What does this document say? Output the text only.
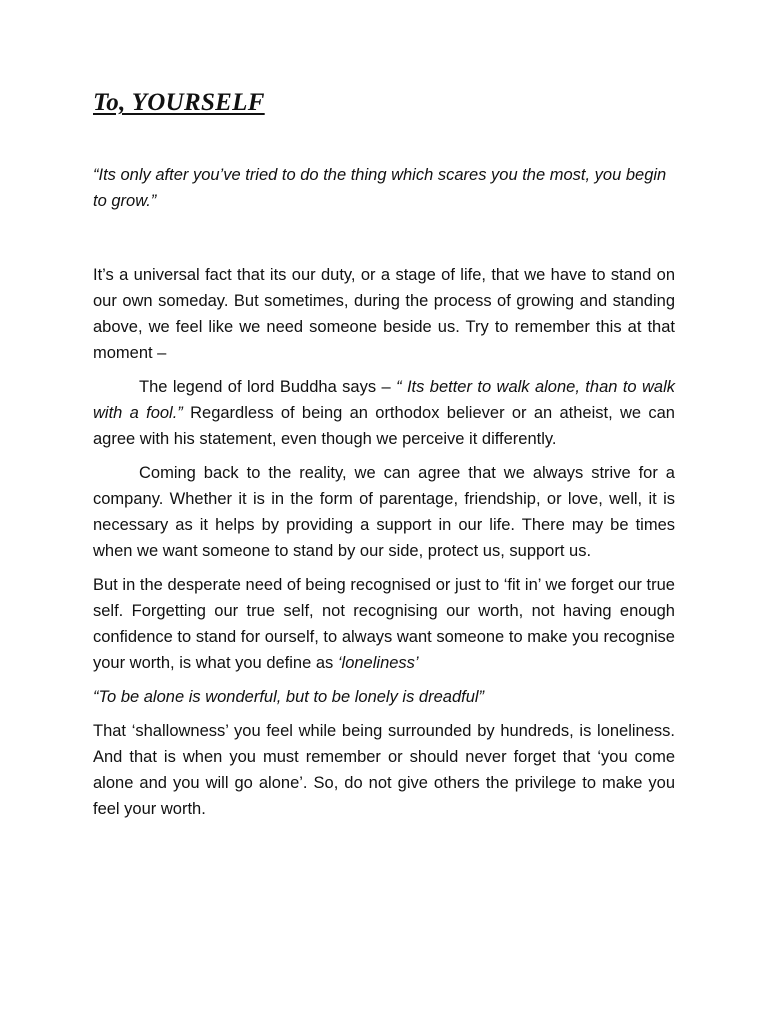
To, YOURSELF
“Its only after you’ve tried to do the thing which scares you the most, you begin to grow.”

It’s a universal fact that its our duty, or a stage of life, that we have to stand on our own someday. But sometimes, during the process of growing and standing above, we feel like we need someone beside us. Try to remember this at that moment –

The legend of lord Buddha says – “ Its better to walk alone, than to walk with a fool.” Regardless of being an orthodox believer or an atheist, we can agree with his statement, even though we perceive it differently.

Coming back to the reality, we can agree that we always strive for a company. Whether it is in the form of parentage, friendship, or love, well, it is necessary as it helps by providing a support in our life. There may be times when we want someone to stand by our side, protect us, support us.

But in the desperate need of being recognised or just to ‘fit in’ we forget our true self. Forgetting our true self, not recognising our worth, not having enough confidence to stand for ourself, to always want someone to make you recognise your worth, is what you define as ‘loneliness’

“To be alone is wonderful, but to be lonely is dreadful”

That ‘shallowness’ you feel while being surrounded by hundreds, is loneliness. And that is when you must remember or should never forget that ‘you come alone and you will go alone’. So, do not give others the privilege to make you feel your worth.
